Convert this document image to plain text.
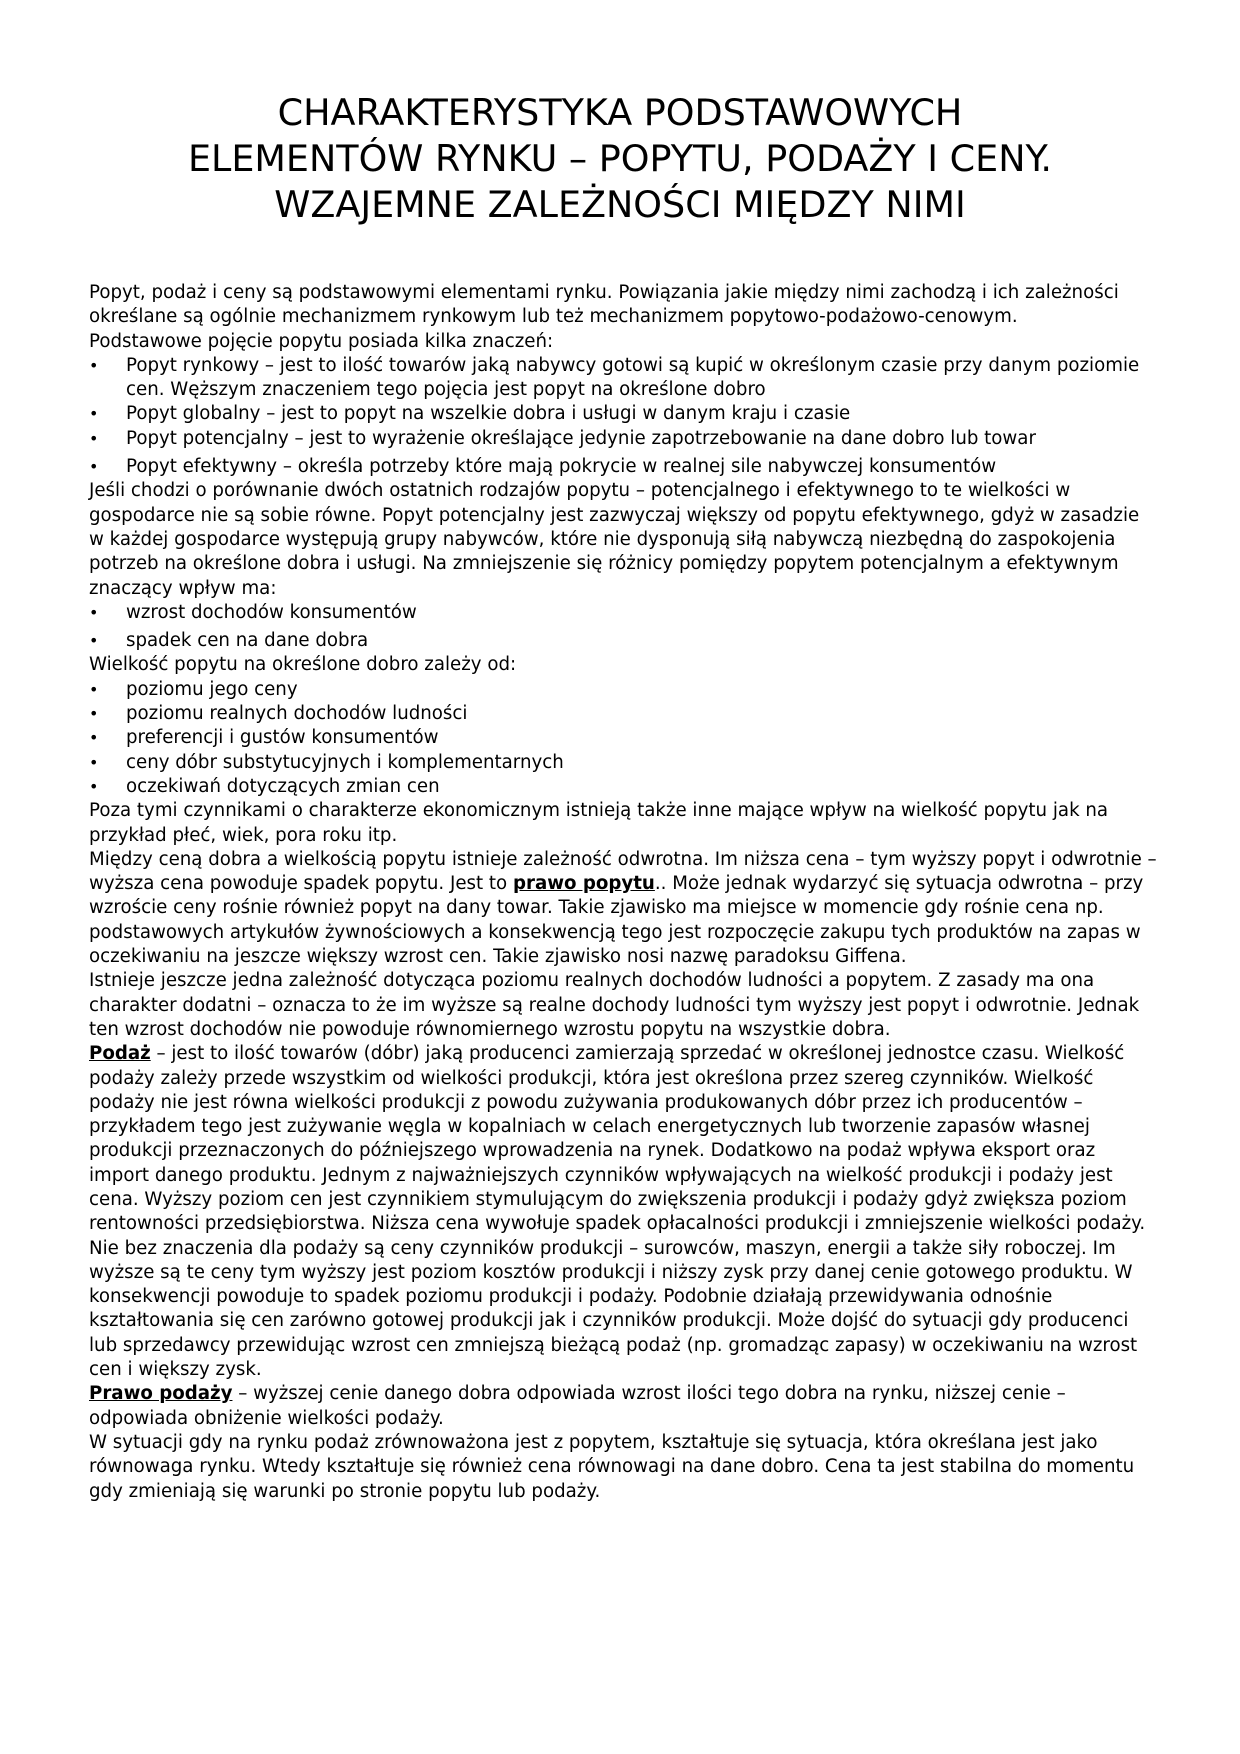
CHARAKTERYSTYKA PODSTAWOWYCH
ELEMENTÓW RYNKU – POPYTU, PODAŻY I CENY.
WZAJEMNE ZALEŻNOŚCI MIĘDZY NIMI

Popyt, podaż i ceny są podstawowymi elementami rynku. Powiązania jakie między nimi zachodzą i ich zależności określane są ogólnie mechanizmem rynkowym lub też mechanizmem popytowo-podażowo-cenowym.

Podstawowe pojęcie popytu posiada kilka znaczeń:

•	Popyt rynkowy – jest to ilość towarów jaką nabywcy gotowi są kupić w określonym czasie przy danym poziomie cen. Węższym znaczeniem tego pojęcia jest popyt na określone dobro
•	Popyt globalny – jest to popyt na wszelkie dobra i usługi w danym kraju i czasie
•	Popyt potencjalny – jest to wyrażenie określające jedynie zapotrzebowanie na dane dobro lub towar
•	Popyt efektywny – określa potrzeby które mają pokrycie w realnej sile nabywczej konsumentów

Jeśli chodzi o porównanie dwóch ostatnich rodzajów popytu – potencjalnego i efektywnego to te wielkości w gospodarce nie są sobie równe. Popyt potencjalny jest zazwyczaj większy od popytu efektywnego, gdyż w zasadzie w każdej gospodarce występują grupy nabywców, które nie dysponują siłą nabywczą niezbędną do zaspokojenia potrzeb na określone dobra i usługi. Na zmniejszenie się różnicy pomiędzy popytem potencjalnym a efektywnym znaczący wpływ ma:

•	wzrost dochodów konsumentów
•	spadek cen na dane dobra

Wielkość popytu na określone dobro zależy od:

•	poziomu jego ceny
•	poziomu realnych dochodów ludności
•	preferencji i gustów konsumentów
•	ceny dóbr substytucyjnych i komplementarnych
•	oczekiwań dotyczących zmian cen

Poza tymi czynnikami o charakterze ekonomicznym istnieją także inne mające wpływ na wielkość popytu jak na przykład płeć, wiek, pora roku itp.

Między ceną dobra a wielkością popytu istnieje zależność odwrotna. Im niższa cena – tym wyższy popyt i odwrotnie – wyższa cena powoduje spadek popytu. Jest to prawo popytu.. Może jednak wydarzyć się sytuacja odwrotna – przy wzroście ceny rośnie również popyt na dany towar. Takie zjawisko ma miejsce w momencie gdy rośnie cena np. podstawowych artykułów żywnościowych a konsekwencją tego jest rozpoczęcie zakupu tych produktów na zapas w oczekiwaniu na jeszcze większy wzrost cen. Takie zjawisko nosi nazwę paradoksu Giffena.

Istnieje jeszcze jedna zależność dotycząca poziomu realnych dochodów ludności a popytem. Z zasady ma ona charakter dodatni – oznacza to że im wyższe są realne dochody ludności tym wyższy jest popyt i odwrotnie. Jednak ten wzrost dochodów nie powoduje równomiernego wzrostu popytu na wszystkie dobra.

Podaż – jest to ilość towarów (dóbr) jaką producenci zamierzają sprzedać w określonej jednostce czasu. Wielkość podaży zależy przede wszystkim od wielkości produkcji, która jest określona przez szereg czynników. Wielkość podaży nie jest równa wielkości produkcji z powodu zużywania produkowanych dóbr przez ich producentów – przykładem tego jest zużywanie węgla w kopalniach w celach energetycznych lub tworzenie zapasów własnej produkcji przeznaczonych do późniejszego wprowadzenia na rynek. Dodatkowo na podaż wpływa eksport oraz import danego produktu. Jednym z najważniejszych czynników wpływających na wielkość produkcji i podaży jest cena. Wyższy poziom cen jest czynnikiem stymulującym do zwiększenia produkcji i podaży gdyż zwiększa poziom rentowności przedsiębiorstwa. Niższa cena wywołuje spadek opłacalności produkcji i zmniejszenie wielkości podaży. Nie bez znaczenia dla podaży są ceny czynników produkcji – surowców, maszyn, energii a także siły roboczej. Im wyższe są te ceny tym wyższy jest poziom kosztów produkcji i niższy zysk przy danej cenie gotowego produktu. W konsekwencji powoduje to spadek poziomu produkcji i podaży. Podobnie działają przewidywania odnośnie kształtowania się cen zarówno gotowej produkcji jak i czynników produkcji. Może dojść do sytuacji gdy producenci lub sprzedawcy przewidując wzrost cen zmniejszą bieżącą podaż (np. gromadząc zapasy) w oczekiwaniu na wzrost cen i większy zysk.

Prawo podaży – wyższej cenie danego dobra odpowiada wzrost ilości tego dobra na rynku, niższej cenie – odpowiada obniżenie wielkości podaży.

W sytuacji gdy na rynku podaż zrównoważona jest z popytem, kształtuje się sytuacja, która określana jest jako równowaga rynku. Wtedy kształtuje się również cena równowagi na dane dobro. Cena ta jest stabilna do momentu gdy zmieniają się warunki po stronie popytu lub podaży.
